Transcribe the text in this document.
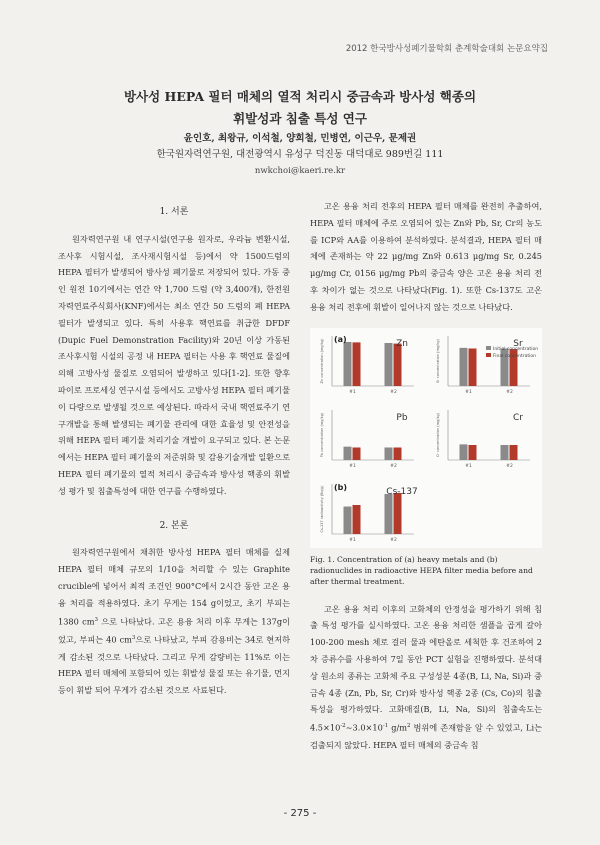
2012 한국방사성폐기물학회 춘계학술대회 논문요약집
방사성 HEPA 필터 매체의 열적 처리시 중금속과 방사성 핵종의
휘발성과 침출 특성 연구
윤인호, 최왕규, 이석철, 양희철, 민병연, 이근우, 문제권
한국원자력연구원, 대전광역시 유성구 덕진동 대덕대로 989번길 111
nwkchoi@kaeri.re.kr
1. 서론

원자력연구원 내 연구시설(연구용 원자로, 우라늄 변환시설, 조사후 시험시설, 조사재시험시설 등)에서 약 1500드럼의 HEPA 필터가 발생되어 방사성 폐기물로 저장되어 있다. 가동 중인 원전 10기에서는 연간 약 1,700 드럼 (약 3,400개), 한전원자력연료주식회사(KNF)에서는 최소 연간 50 드럼의 폐 HEPA 필터가 발생되고 있다. 특히 사용후 핵연료를 취급한 DFDF (Dupic Fuel Demonstration Facility)와 20년 이상 가동된 조사후시험 시설의 공정 내 HEPA 필터는 사용 후 핵연료 물질에 의해 고방사성 물질로 오염되어 발생하고 있다[1-2]. 또한 향후 파이로 프로세싱 연구시설 등에서도 고방사성 HEPA 필터 폐기물이 다량으로 발생될 것으로 예상된다. 따라서 국내 핵연료주기 연구개발을 통해 발생되는 폐기물 관리에 대한 효율성 및 안전성을 위해 HEPA 필터 폐기물 처리기술 개발이 요구되고 있다. 본 논문에서는 HEPA 필터 폐기물의 저준위화 및 감용기술개발 일환으로 HEPA 필터 폐기물의 열적 처리시 중금속과 방사성 핵종의 휘발성 평가 및 침출특성에 대한 연구를 수행하였다.

2. 본론

원자력연구원에서 채취한 방사성 HEPA 필터 매체를 실제 HEPA 필터 매체 규모의 1/10을 처리할 수 있는 Graphite crucible에 넣어서 최적 조건인 900°C에서 2시간 동안 고온 용융 처리를 적용하였다. 초기 무게는 154 g이었고, 초기 부피는 1380 $cm^3$ 으로 나타났다. 고온 용융 처리 이후 무게는 137g이었고, 부피는 40 $cm^3$으로 나타났고, 부피 감용비는 34로 현저하게 감소된 것으로 나타났다. 그리고 무게 감량비는 11%로 이는 HEPA 필터 매체에 포함되어 있는 휘발성 물질 또는 유기물, 먼지 등이 휘발 되어 무게가 감소된 것으로 사료된다.

고온 용융 처리 전후의 HEPA 필터 매체를 완전히 추출하여, HEPA 필터 매체에 주로 오염되어 있는 Zn와 Pb, Sr, Cr의 농도를 ICP와 AA를 이용하여 분석하였다. 분석결과, HEPA 필터 매체에 존재하는 약 22 μg/mg Zn와 0.613 μg/mg Sr, 0.245 μg/mg Cr, 0156 μg/mg Pb의 중금속 양은 고온 용융 처리 전후 차이가 없는 것으로 나타났다(Fig. 1). 또한 Cs-137도 고온 용융 처리 전후에 휘발이 일어나지 않는 것으로 나타났다.

#1	#2
Zn
(a)
Zn concentration (mg/kg)
#1	#2
Sr
Sr concentration (mg/kg)
#1	#2
Pb
Pb concentration (mg/kg)
#1	#2
Cr
Cr concentration (mg/kg)
#1	#2
Cs-137
(b)
Cs-137 radioactivity (Bq/g)
Initial concentration
Final concentration
Fig. 1. Concentration of (a) heavy metals and (b) radionuclides in radioactive HEPA filter media before and after thermal treatment.

고온 용융 처리 이후의 고화체의 안정성을 평가하기 위해 침출 특성 평가를 실시하였다. 고온 용융 처리한 샘플을 곱게 갈아 100-200 mesh 체로 걸러 물과 에탄올로 세척한 후 건조하여 2차 증류수를 사용하여 7일 동안 PCT 실험을 진행하였다. 분석대상 원소의 종류는 고화체 주요 구성성분 4종(B, Li, Na, Si)과 중금속 4종 (Zn, Pb, Sr, Cr)와 방사성 핵종 2종 (Cs, Co)의 침출특성을 평가하였다. 고화매질(B, Li, Na, Si)의 침출속도는 $4.5\times 10^{-2}\sim 3.0\times 10^{-1}$ $g/m^2$ 범위에 존재함을 알 수 있었고, Li는 검출되지 않았다. HEPA 필터 매체의 중금속 침

- 275 -
